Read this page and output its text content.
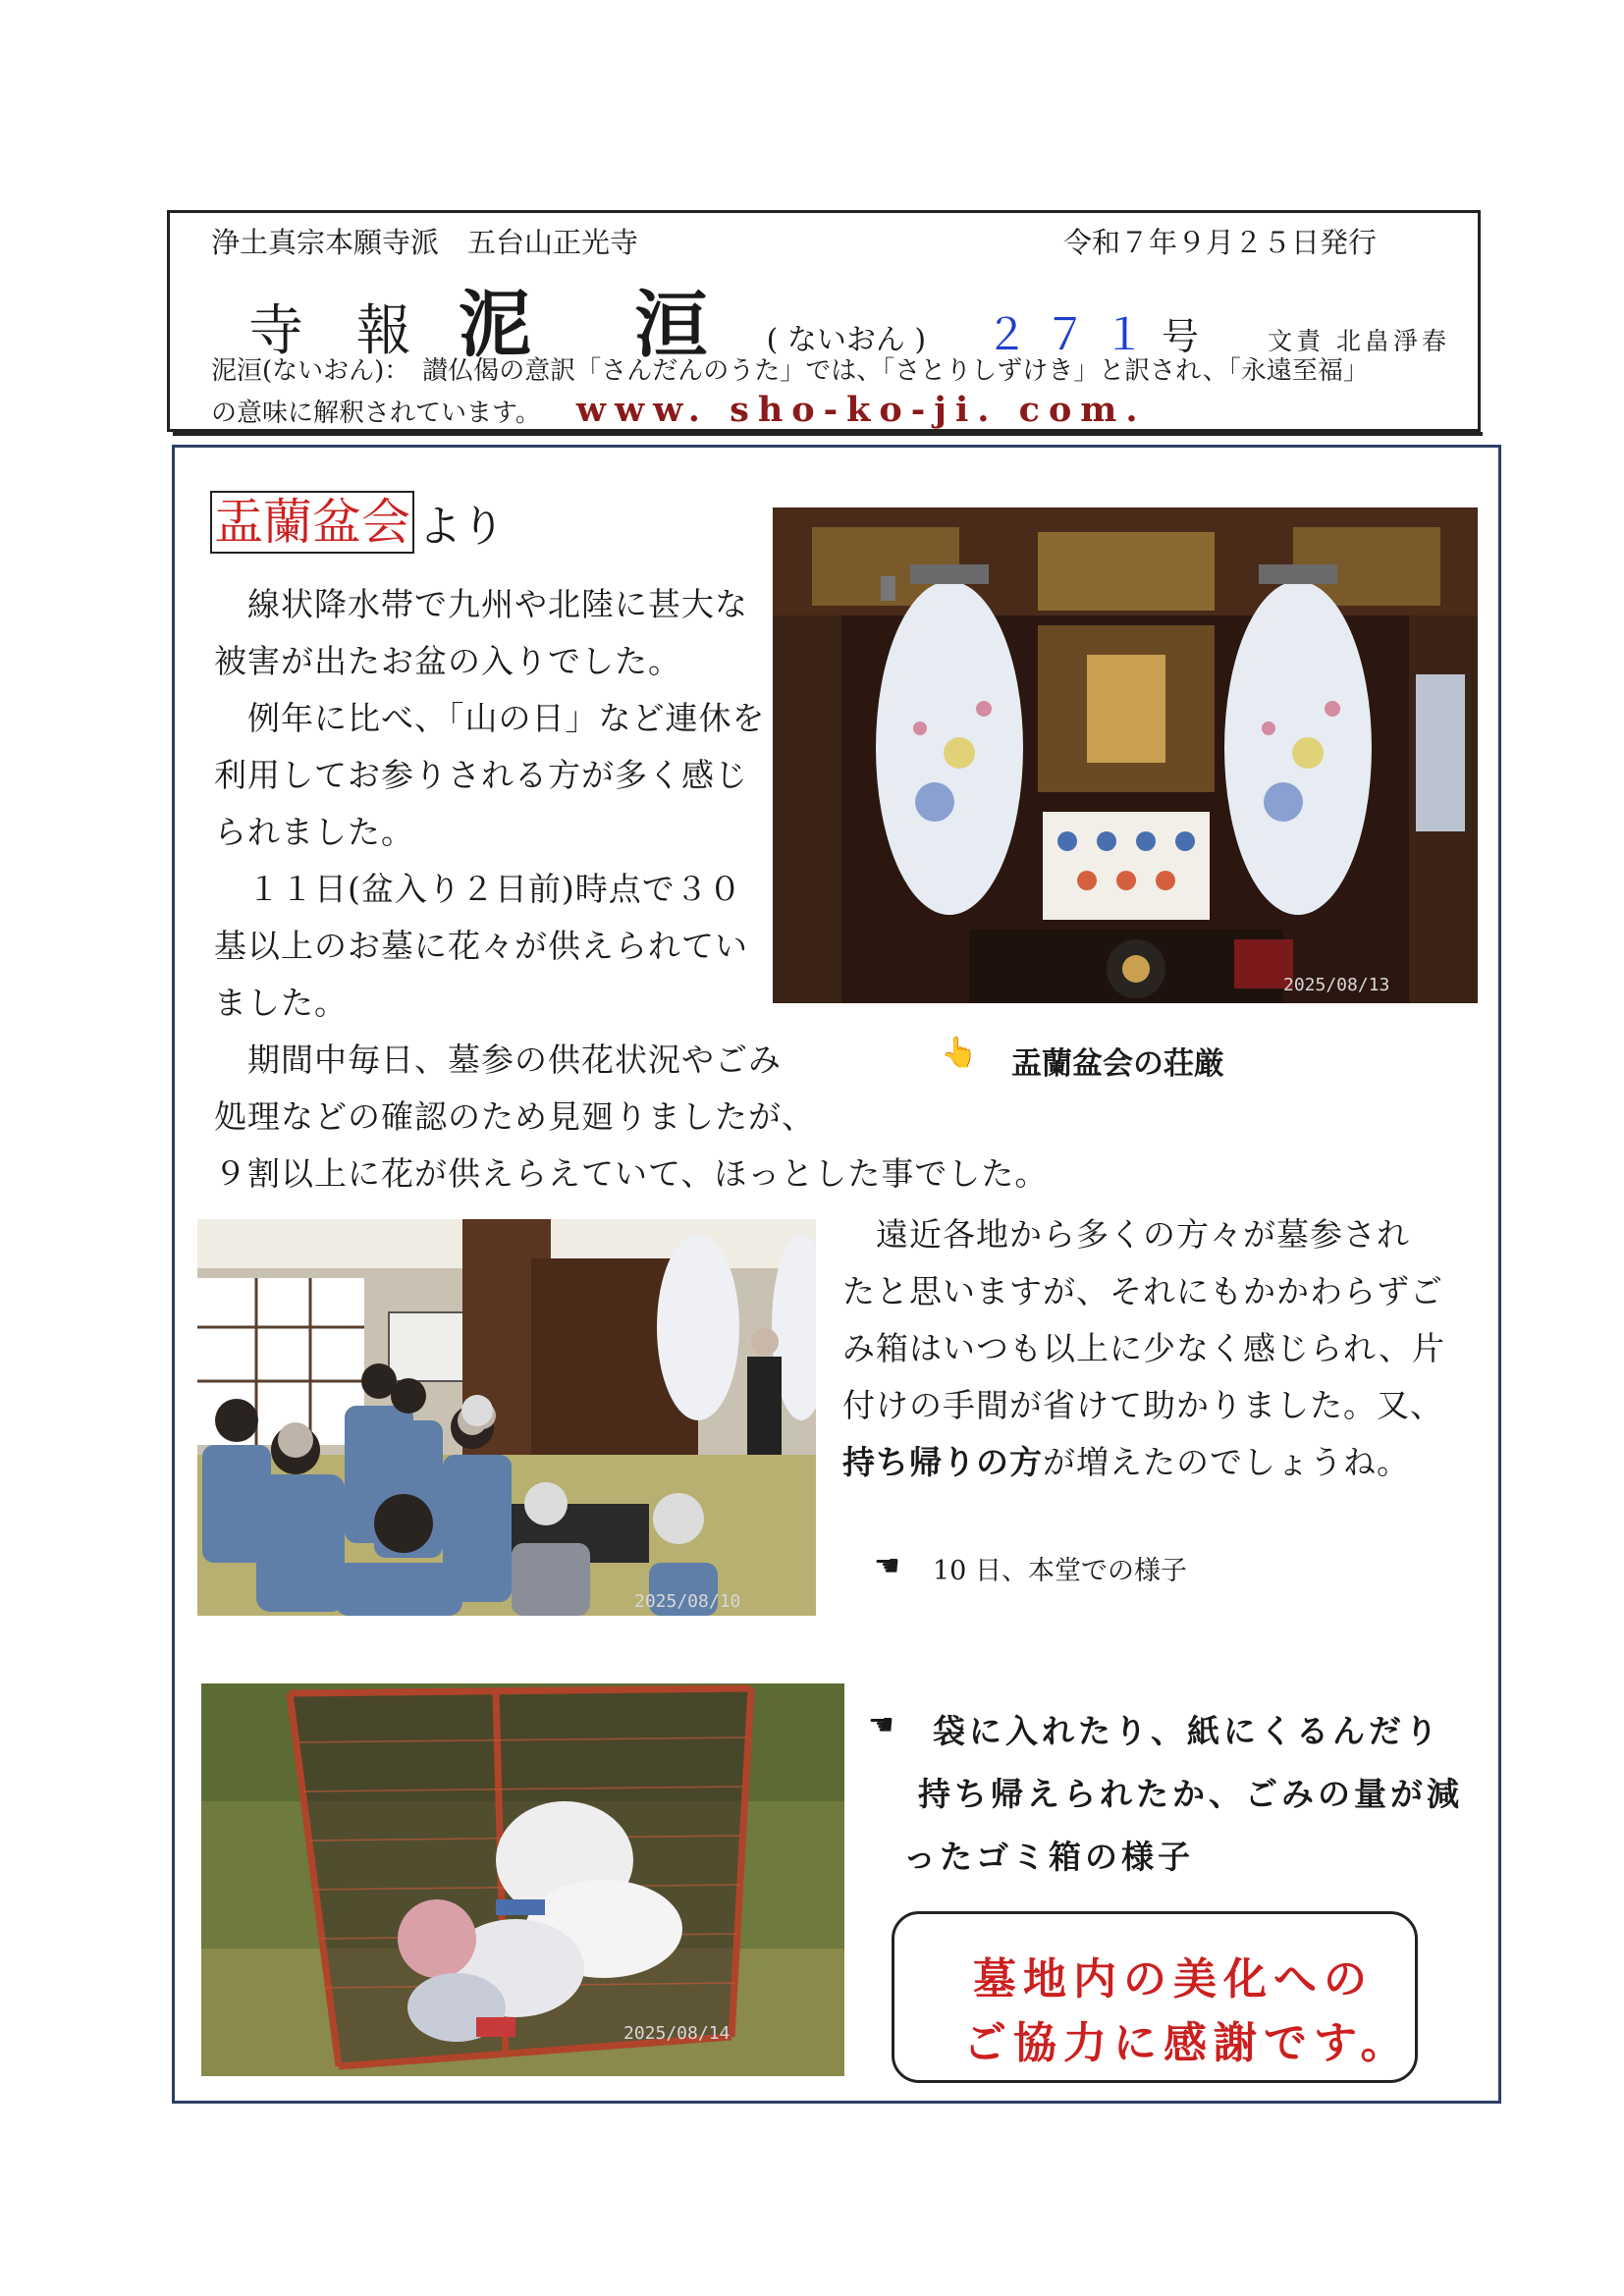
浄土真宗本願寺派　五台山正光寺	令和７年９月２５日発行
寺 報 泥 洹 ( ないおん ) ２７１ 号	文責 北畠淨春
泥洹(ないおん)：　讃仏偈の意訳「さんだんのうた」では、「さとりしずけき」と訳され、「永遠至福」
の意味に解釈されています。 www. sho-ko-ji. com.
盂蘭盆会 より
　線状降水帯で九州や北陸に甚大な
被害が出たお盆の入りでした。
　例年に比べ、「山の日」など連休を
利用してお参りされる方が多く感じ
られました。
　１１日(盆入り２日前)時点で３０
基以上のお墓に花々が供えられてい
ました。
　期間中毎日、墓参の供花状況やごみ
処理などの確認のため見廻りましたが、
９割以上に花が供えらえていて、ほっとした事でした。
2025/08/13
👆 盂蘭盆会の荘厳
2025/08/10
　遠近各地から多くの方々が墓参され
たと思いますが、それにもかかわらずご
み箱はいつも以上に少なく感じられ、片
付けの手間が省けて助かりました。又、
持ち帰りの方が増えたのでしょうね。
☚ 10 日、本堂での様子
2025/08/14
☚ 袋に入れたり、紙にくるんだり
持ち帰えられたか、ごみの量が減
ったゴミ箱の様子
墓地内の美化への
ご協力に感謝です。
